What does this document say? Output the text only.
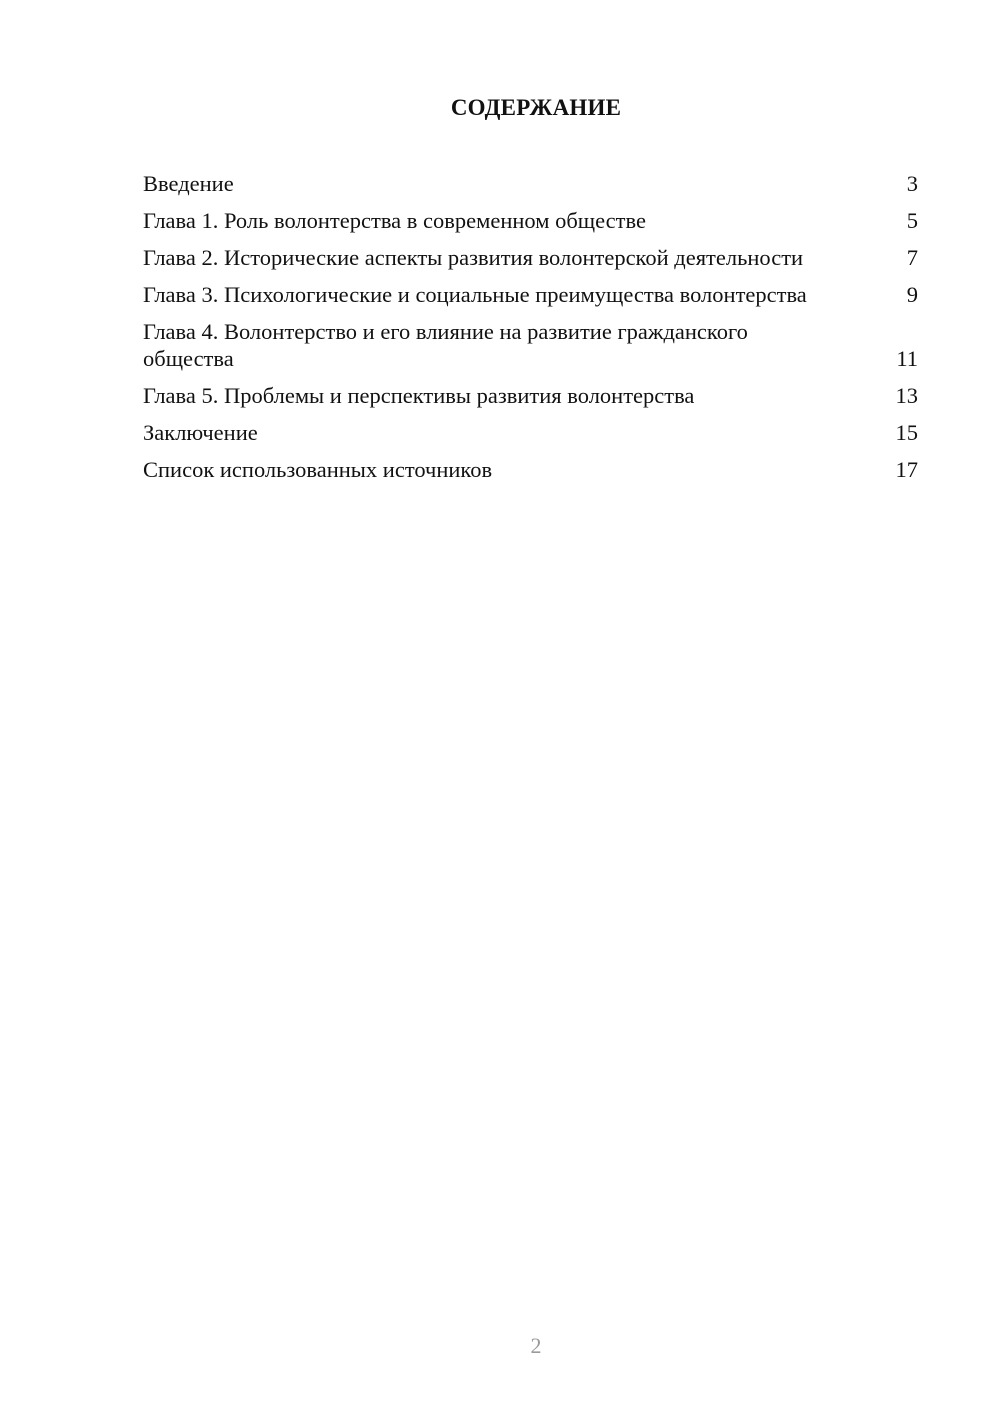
СОДЕРЖАНИЕ
Введение	3
Глава 1. Роль волонтерства в современном обществе	5
Глава 2. Исторические аспекты развития волонтерской деятельности	7
Глава 3. Психологические и социальные преимущества волонтерства	9
Глава 4. Волонтерство и его влияние на развитие гражданского общества	11
Глава 5. Проблемы и перспективы развития волонтерства	13
Заключение	15
Список использованных источников	17
2
